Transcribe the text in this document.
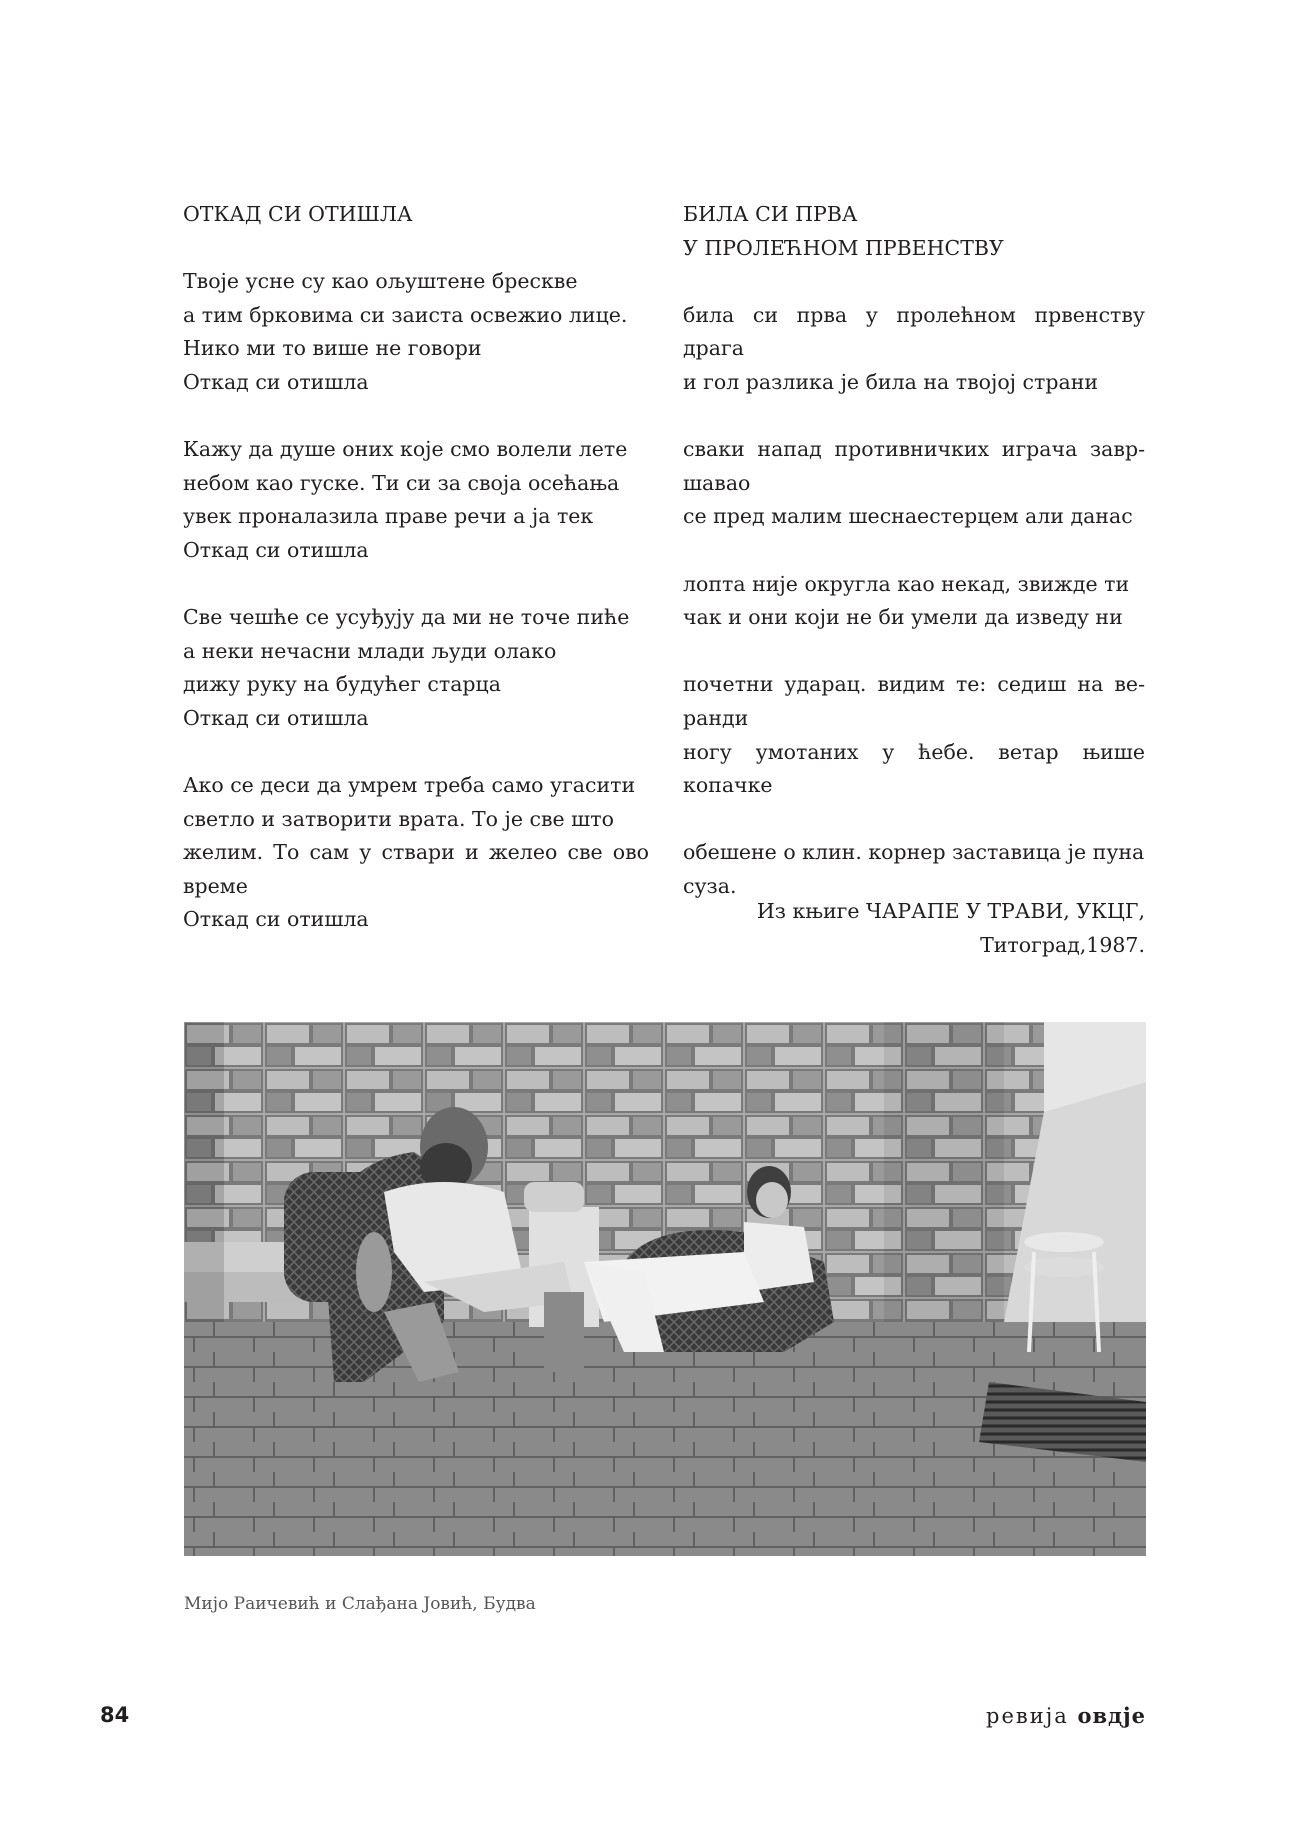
ОТКАД СИ ОТИШЛА
Твоје усне су као ољуштене брескве
а тим брковима си заиста освежио лице.
Нико ми то више не говори
Откад си отишла
Кажу да душе оних које смо волели лете
небом као гуске. Ти си за своја осећања
увек проналазила праве речи а ја тек
Откад си отишла
Све чешће се усуђују да ми не точе пиће
а неки нечасни млади људи олако
дижу руку на будућег старца
Откад си отишла
Ако се деси да умрем треба само угасити
светло и затворити врата. То је све што
желим. То сам у ствари и желео све ово
време
Откад си отишла
БИЛА СИ ПРВА
У ПРОЛЕЋНОМ ПРВЕНСТВУ
била си прва у пролећном првенству драга
и гол разлика је била на твојој страни
сваки напад противничких играча завр-
шавао
се пред малим шеснаестерцем али данас
лопта није округла као некад, звижде ти
чак и они који не би умели да изведу ни
почетни ударац. видим те: седиш на ве-
ранди
ногу умотаних у ћебе. ветар њише копачке
обешене о клин. корнер заставица је пуна
суза.
Из књиге ЧАРАПЕ У ТРАВИ, УКЦГ,
Титоград,1987.
Мијо Раичевић и Слађана Јовић, Будва
84	ревија овдје
